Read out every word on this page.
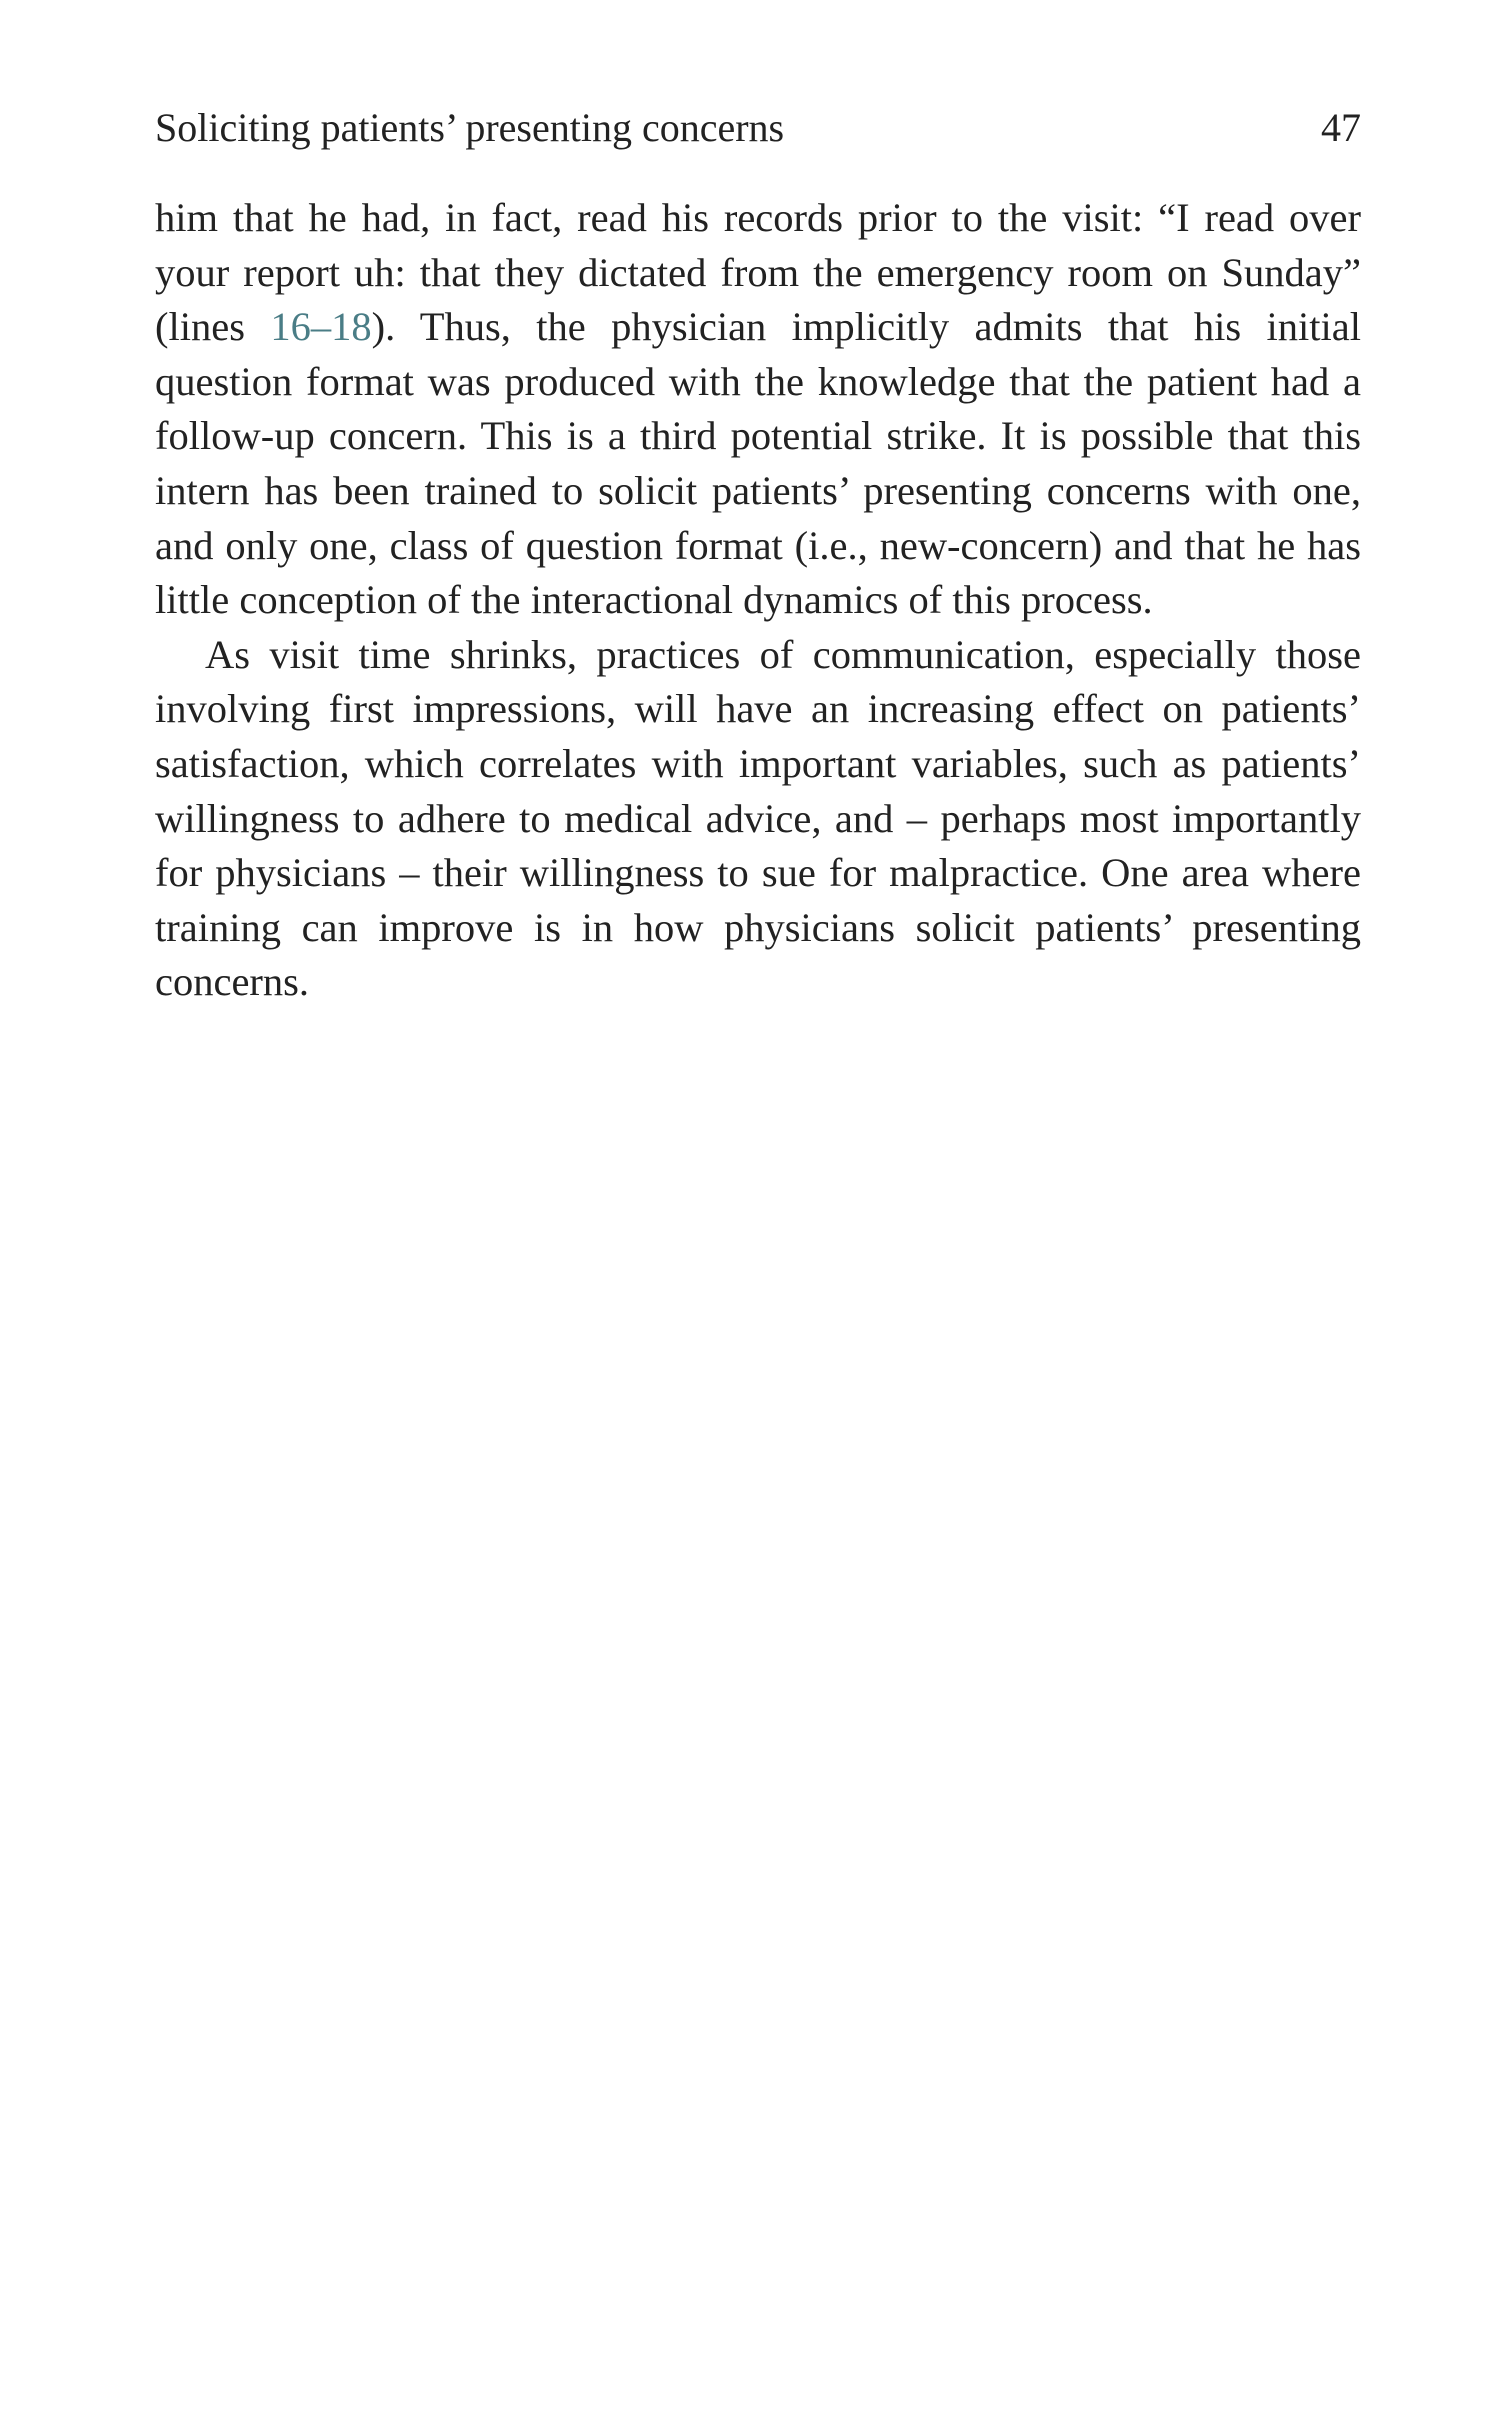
Soliciting patients’ presenting concerns	47

him that he had, in fact, read his records prior to the visit: “I read over your report uh: that they dictated from the emergency room on Sunday” (lines 16–18). Thus, the physician implicitly admits that his initial question format was produced with the knowledge that the patient had a follow-up concern. This is a third potential strike. It is possible that this intern has been trained to solicit patients’ presenting concerns with one, and only one, class of question format (i.e., new-concern) and that he has little conception of the interactional dynamics of this process.

As visit time shrinks, practices of communication, especially those involving first impressions, will have an increasing effect on patients’ satisfaction, which correlates with important variables, such as patients’ willingness to adhere to medical advice, and – perhaps most importantly for physicians – their willingness to sue for malpractice. One area where training can improve is in how physicians solicit patients’ presenting concerns.
